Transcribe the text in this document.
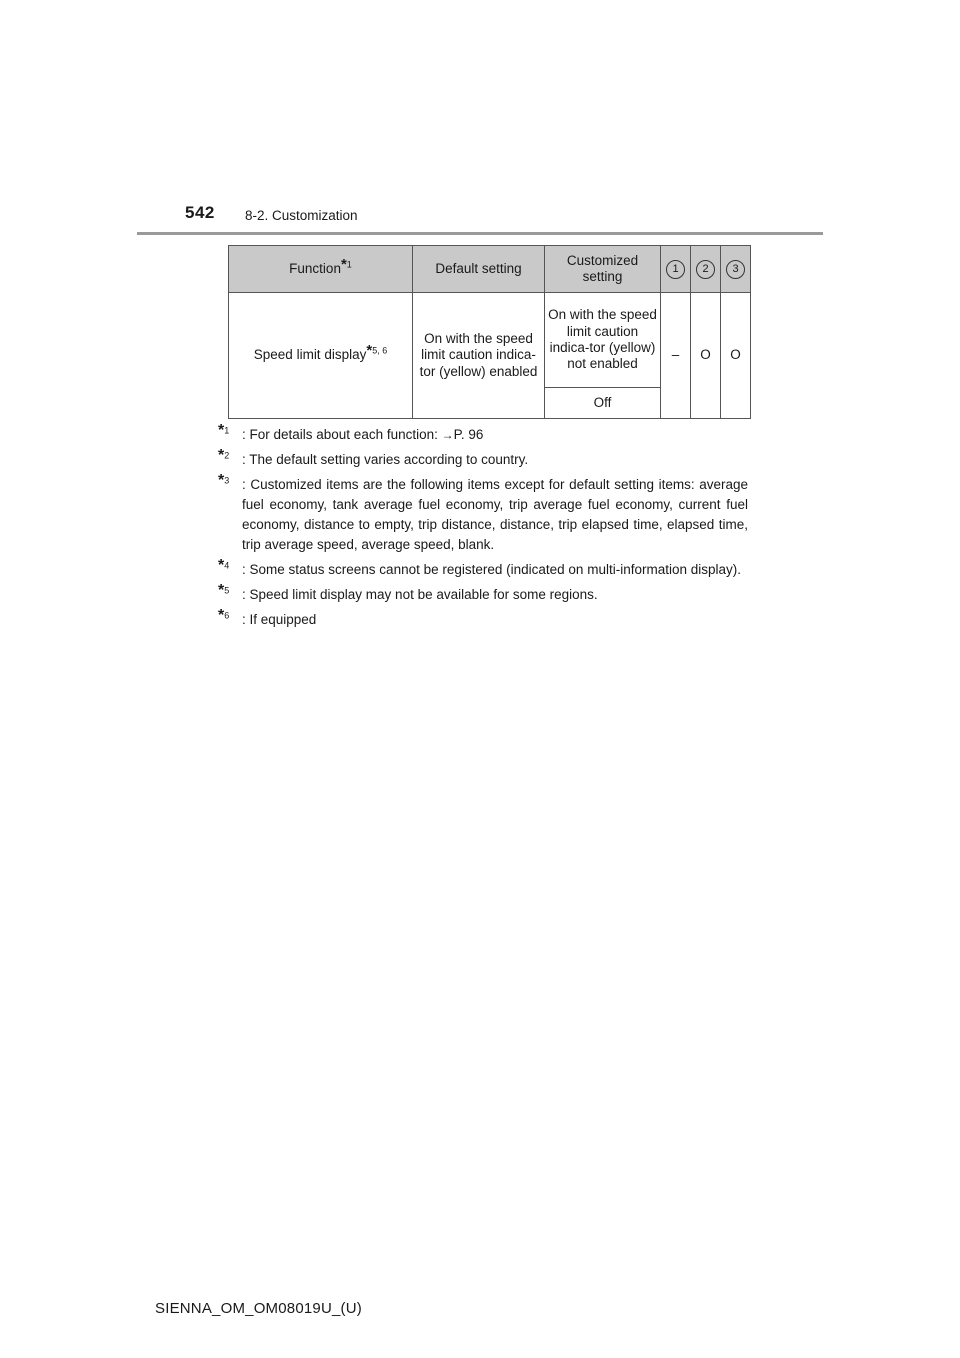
542 8-2. Customization
Function*$^1$	Default setting	Customized setting	1	2	3
Speed limit display*$^{5, 6}$	On with the speed limit caution indica-tor (yellow) enabled	On with the speed limit caution indica-tor (yellow) not enabled	–	O	O
		Off			
*$^1$ : For details about each function: →P. 96
*$^2$ : The default setting varies according to country.
*$^3$ : Customized items are the following items except for default setting items: average fuel economy, tank average fuel economy, trip average fuel economy, current fuel economy, distance to empty, trip distance, distance, trip elapsed time, elapsed time, trip average speed, average speed, blank.
*$^4$ : Some status screens cannot be registered (indicated on multi-information display).
*$^5$ : Speed limit display may not be available for some regions.
*$^6$ : If equipped
SIENNA_OM_OM08019U_(U)
